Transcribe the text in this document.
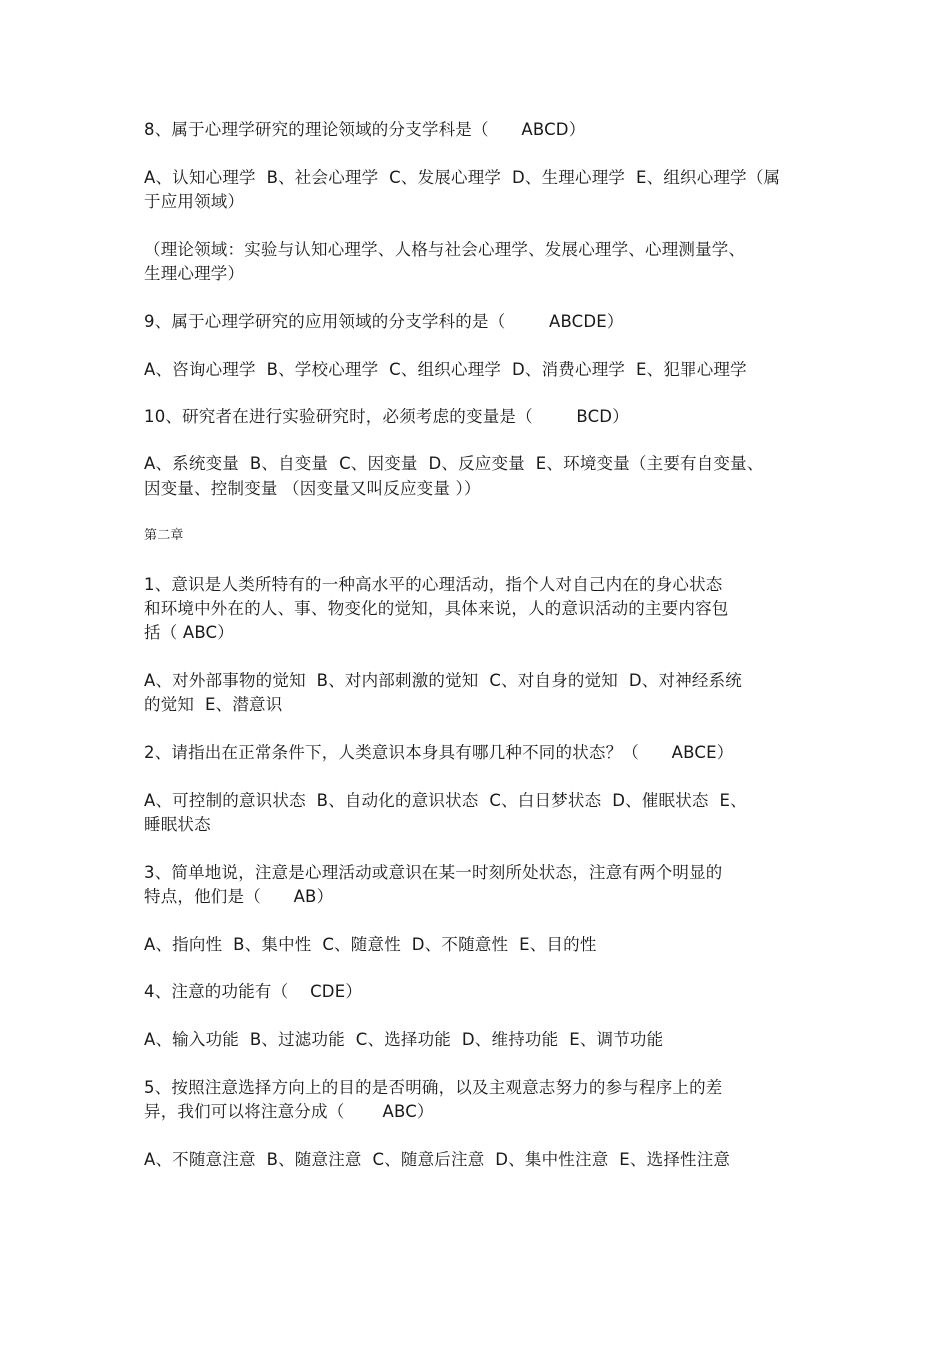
8、属于心理学研究的理论领域的分支学科是（      ABCD）
A、认知心理学  B、社会心理学  C、发展心理学  D、生理心理学  E、组织心理学（属
于应用领域）
（理论领域：实验与认知心理学、人格与社会心理学、发展心理学、心理测量学、
生理心理学）
9、属于心理学研究的应用领域的分支学科的是（        ABCDE）
A、咨询心理学  B、学校心理学  C、组织心理学  D、消费心理学  E、犯罪心理学
10、研究者在进行实验研究时，必须考虑的变量是（        BCD）
A、系统变量  B、自变量  C、因变量  D、反应变量  E、环境变量（主要有自变量、
因变量、控制变量 （因变量又叫反应变量 ））
第二章
1、意识是人类所特有的一种高水平的心理活动，指个人对自己内在的身心状态
和环境中外在的人、事、物变化的觉知，具体来说，人的意识活动的主要内容包
括（ ABC）
A、对外部事物的觉知  B、对内部刺激的觉知  C、对自身的觉知  D、对神经系统
的觉知  E、潜意识
2、请指出在正常条件下，人类意识本身具有哪几种不同的状态？（      ABCE）
A、可控制的意识状态  B、自动化的意识状态  C、白日梦状态  D、催眠状态  E、
睡眠状态
3、简单地说，注意是心理活动或意识在某一时刻所处状态，注意有两个明显的
特点，他们是（      AB）
A、指向性  B、集中性  C、随意性  D、不随意性  E、目的性
4、注意的功能有（    CDE）
A、输入功能  B、过滤功能  C、选择功能  D、维持功能  E、调节功能
5、按照注意选择方向上的目的是否明确，以及主观意志努力的参与程序上的差
异，我们可以将注意分成（       ABC）
A、不随意注意  B、随意注意  C、随意后注意  D、集中性注意  E、选择性注意
